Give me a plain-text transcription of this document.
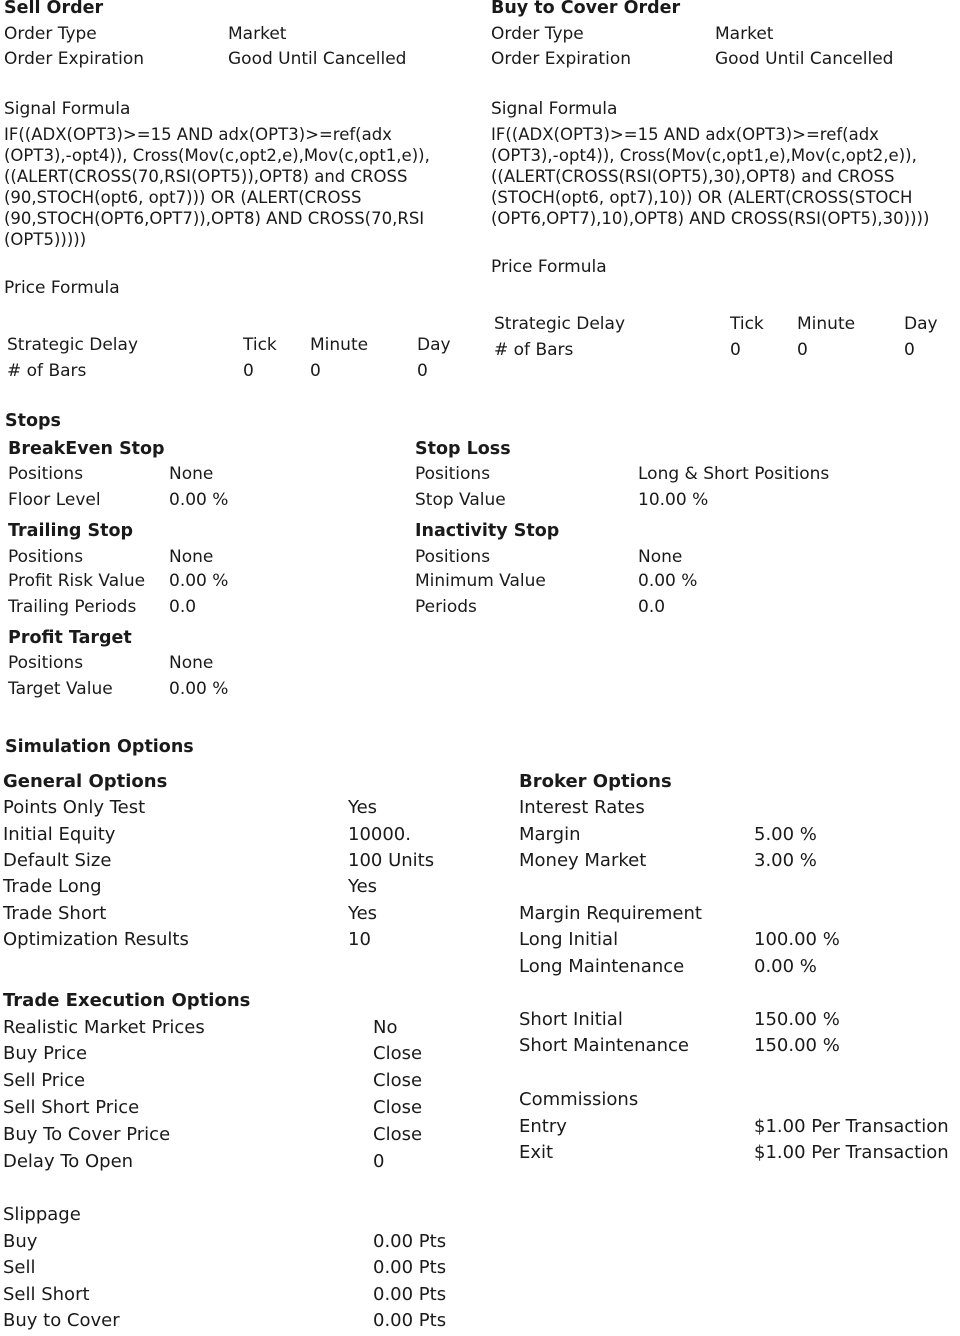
Sell Order
Order Type	Market
Order Expiration	Good Until Cancelled
Signal Formula
IF((ADX(OPT3)>=15 AND adx(OPT3)>=ref(adx
(OPT3),-opt4)), Cross(Mov(c,opt2,e),Mov(c,opt1,e)),
((ALERT(CROSS(70,RSI(OPT5)),OPT8) and CROSS
(90,STOCH(opt6, opt7))) OR (ALERT(CROSS
(90,STOCH(OPT6,OPT7)),OPT8) AND CROSS(70,RSI
(OPT5)))))
Price Formula
Strategic Delay	Tick Minute	Day
# of Bars	0	0	0
Buy to Cover Order
Order Type	Market
Order Expiration	Good Until Cancelled
Signal Formula
IF((ADX(OPT3)>=15 AND adx(OPT3)>=ref(adx
(OPT3),-opt4)), Cross(Mov(c,opt1,e),Mov(c,opt2,e)),
((ALERT(CROSS(RSI(OPT5),30),OPT8) and CROSS
(STOCH(opt6, opt7),10)) OR (ALERT(CROSS(STOCH
(OPT6,OPT7),10),OPT8) AND CROSS(RSI(OPT5),30))))
Price Formula
Strategic Delay	Tick Minute	Day
# of Bars	0	0	0
Stops
BreakEven Stop
Positions	None
Floor Level	0.00 %
Trailing Stop
Positions	None
Profit Risk Value 0.00 %
Trailing Periods 0.0
Profit Target
Positions	None
Target Value	0.00 %
Stop Loss
Positions	Long & Short Positions
Stop Value	10.00 %
Inactivity Stop
Positions	None
Minimum Value	0.00 %
Periods	0.0
Simulation Options
General Options
Points Only Test	Yes
Initial Equity	10000.
Default Size	100 Units
Trade Long	Yes
Trade Short	Yes
Optimization Results	10
Trade Execution Options
Realistic Market Prices	No
Buy Price	Close
Sell Price	Close
Sell Short Price	Close
Buy To Cover Price	Close
Delay To Open	0
Slippage
Buy	0.00 Pts
Sell	0.00 Pts
Sell Short	0.00 Pts
Buy to Cover	0.00 Pts
Broker Options
Interest Rates
Margin	5.00 %
Money Market	3.00 %
Margin Requirement
Long Initial	100.00 %
Long Maintenance	0.00 %
Short Initial	150.00 %
Short Maintenance	150.00 %
Commissions
Entry	$1.00 Per Transaction
Exit	$1.00 Per Transaction
